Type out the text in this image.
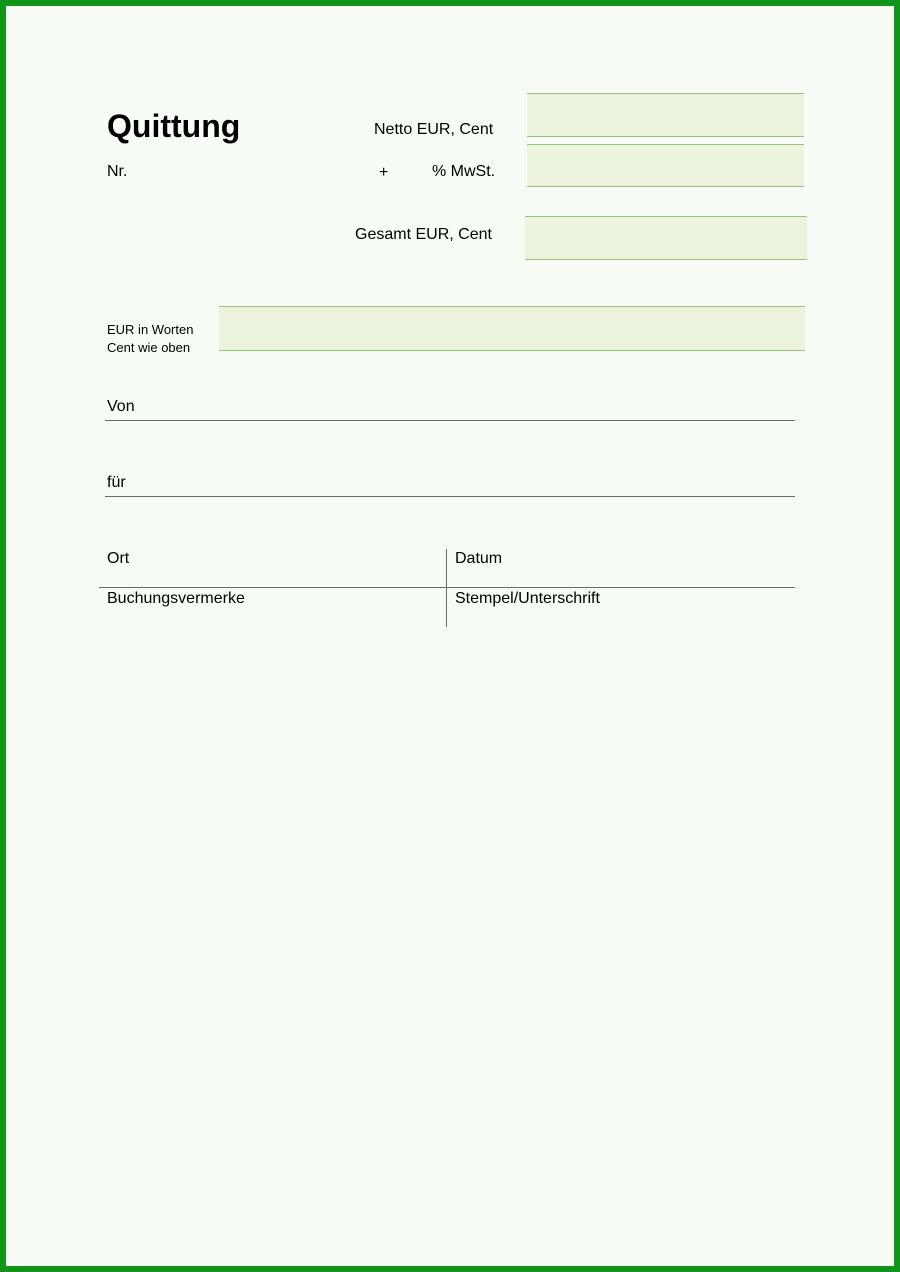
Quittung
Nr.
Netto EUR, Cent
+	% MwSt.
Gesamt EUR, Cent
EUR in Worten
Cent wie oben
Von
für
Ort	Datum
Buchungsvermerke	Stempel/Unterschrift
